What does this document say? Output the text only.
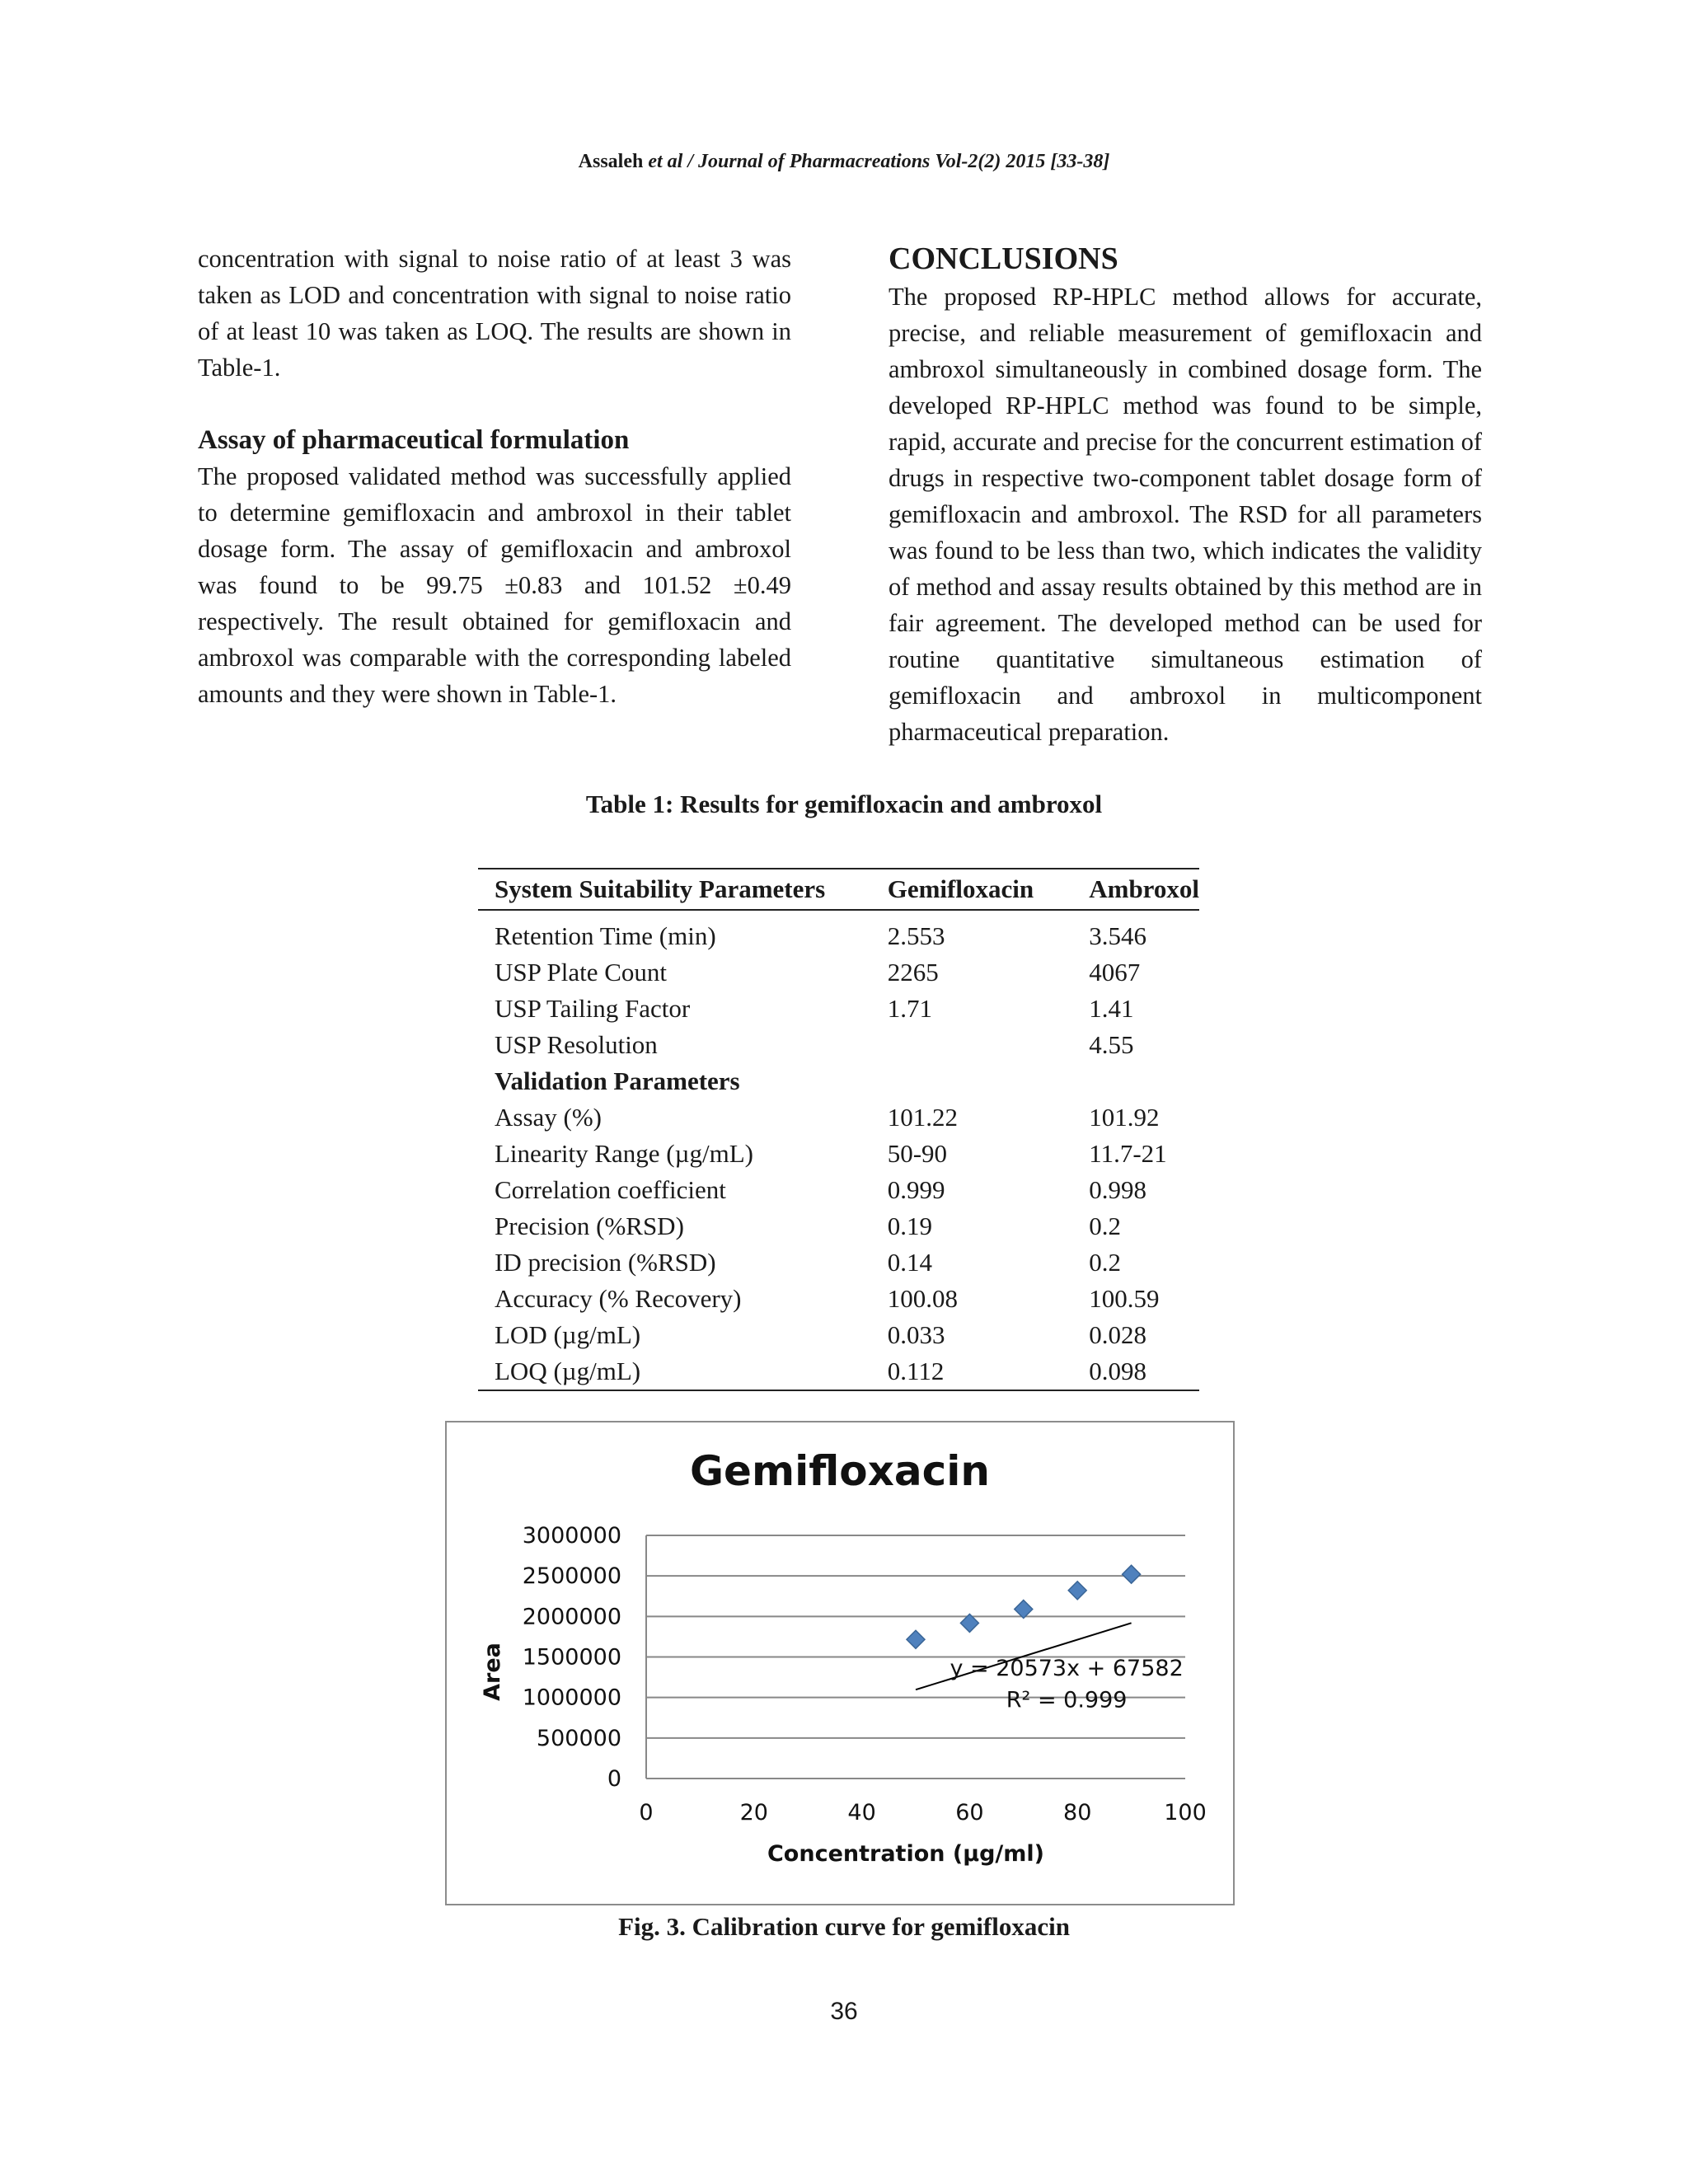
Assaleh et al / Journal of Pharmacreations Vol-2(2) 2015 [33-38]

concentration with signal to noise ratio of at least 3 was taken as LOD and concentration with signal to noise ratio of at least 10 was taken as LOQ. The results are shown in Table-1.

Assay of pharmaceutical formulation

The proposed validated method was successfully applied to determine gemifloxacin and ambroxol in their tablet dosage form. The assay of gemifloxacin and ambroxol was found to be 99.75 ±0.83 and 101.52 ±0.49 respectively. The result obtained for gemifloxacin and ambroxol was comparable with the corresponding labeled amounts and they were shown in Table-1.

CONCLUSIONS

The proposed RP-HPLC method allows for accurate, precise, and reliable measurement of gemifloxacin and ambroxol simultaneously in combined dosage form. The developed RP-HPLC method was found to be simple, rapid, accurate and precise for the concurrent estimation of drugs in respective two-component tablet dosage form of gemifloxacin and ambroxol. The RSD for all parameters was found to be less than two, which indicates the validity of method and assay results obtained by this method are in fair agreement. The developed method can be used for routine quantitative simultaneous estimation of gemifloxacin and ambroxol in multicomponent pharmaceutical preparation.

Table 1: Results for gemifloxacin and ambroxol
System Suitability Parameters	Gemifloxacin	Ambroxol
Retention Time (min)	2.553	3.546
USP Plate Count	2265	4067
USP Tailing Factor	1.71	1.41
USP Resolution		4.55
Validation Parameters		
Assay (%)	101.22	101.92
Linearity Range (µg/mL)	50-90	11.7-21
Correlation coefficient	0.999	0.998
Precision (%RSD)	0.19	0.2
ID precision (%RSD)	0.14	0.2
Accuracy (% Recovery)	100.08	100.59
LOD (µg/mL)	0.033	0.028
LOQ (µg/mL)	0.112	0.098
0
500000
1000000
1500000
2000000
2500000
3000000
0	20	40	60	80	100
Gemifloxacin
Area
Concentration (µg/ml)
y = 20573x + 67582
R² = 0.999
Fig. 3. Calibration curve for gemifloxacin
36
